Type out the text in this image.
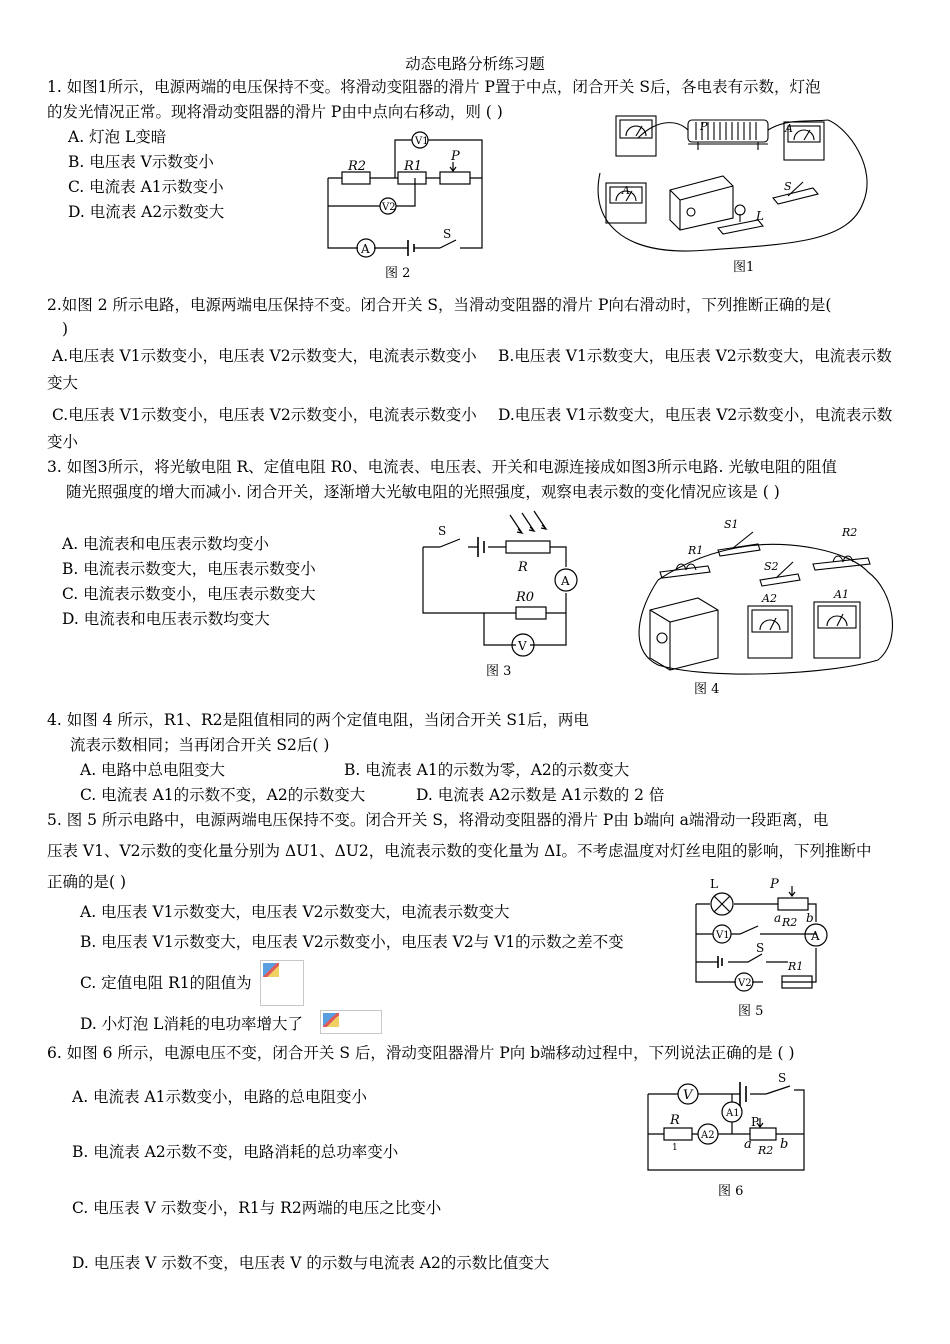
动态电路分析练习题
1. 如图1所示，电源两端的电压保持不变。将滑动变阻器的滑片 P置于中点，闭合开关 S后，各电表有示数，灯泡
的发光情况正常。现将滑动变阻器的滑片 P由中点向右移动，则 ( )
A. 灯泡 L变暗
B. 电压表 V示数变小
C. 电流表 A1示数变小
D. 电流表 A2示数变大
R2	R1
P
V1
V2
A
S
图 2
A
A
P
S
L
图1
2.如图 2 所示电路，电源两端电压保持不变。闭合开关 S，当滑动变阻器的滑片 P向右滑动时，下列推断正确的是(
)
A.电压表 V1示数变小，电压表 V2示数变大，电流表示数变小 B.电压表 V1示数变大，电压表 V2示数变大，电流表示数
变大
C.电压表 V1示数变小，电压表 V2示数变小，电流表示数变小 D.电压表 V1示数变大，电压表 V2示数变小，电流表示数
变小
3. 如图3所示，将光敏电阻 R、定值电阻 R0、电流表、电压表、开关和电源连接成如图3所示电路. 光敏电阻的阻值
随光照强度的增大而减小. 闭合开关，逐渐增大光敏电阻的光照强度，观察电表示数的变化情况应该是 ( )
A. 电流表和电压表示数均变小
B. 电流表示数变大，电压表示数变小
C. 电流表示数变小，电压表示数变大
D. 电流表和电压表示数均变大
S
R
R0
A
V
图 3
S1
S2
R1
R2
A2	A1
图 4
4. 如图 4 所示，R1、R2是阻值相同的两个定值电阻，当闭合开关 S1后，两电
流表示数相同；当再闭合开关 S2后( )
A. 电路中总电阻变大	B. 电流表 A1的示数为零，A2的示数变大
C. 电流表 A1的示数不变，A2的示数变大	D. 电流表 A2示数是 A1示数的 2 倍
5. 图 5 所示电路中，电源两端电压保持不变。闭合开关 S，将滑动变阻器的滑片 P由 b端向 a端滑动一段距离，电
压表 V1、V2示数的变化量分别为 ΔU1、ΔU2，电流表示数的变化量为 ΔI。不考虑温度对灯丝电阻的影响，下列推断中
正确的是( )
A. 电压表 V1示数变大，电压表 V2示数变大，电流表示数变大
B. 电压表 V1示数变大，电压表 V2示数变小，电压表 V2与 V1的示数之差不变
C. 定值电阻 R1的阻值为
D. 小灯泡 L消耗的电功率增大了
L	P
a R2 b
V1
S
A
R1
V2
图 5
6. 如图 6 所示，电源电压不变，闭合开关 S 后，滑动变阻器滑片 P向 b端移动过程中，下列说法正确的是 ( )
A. 电流表 A1示数变小，电路的总电阻变小
B. 电流表 A2示数不变，电路消耗的总功率变小
C. 电压表 V 示数变小，R1与 R2两端的电压之比变小
D. 电压表 V 示数不变，电压表 V 的示数与电流表 A2的示数比值变大
V
A1
S
R
1
A2
P
a R2 b
图 6
